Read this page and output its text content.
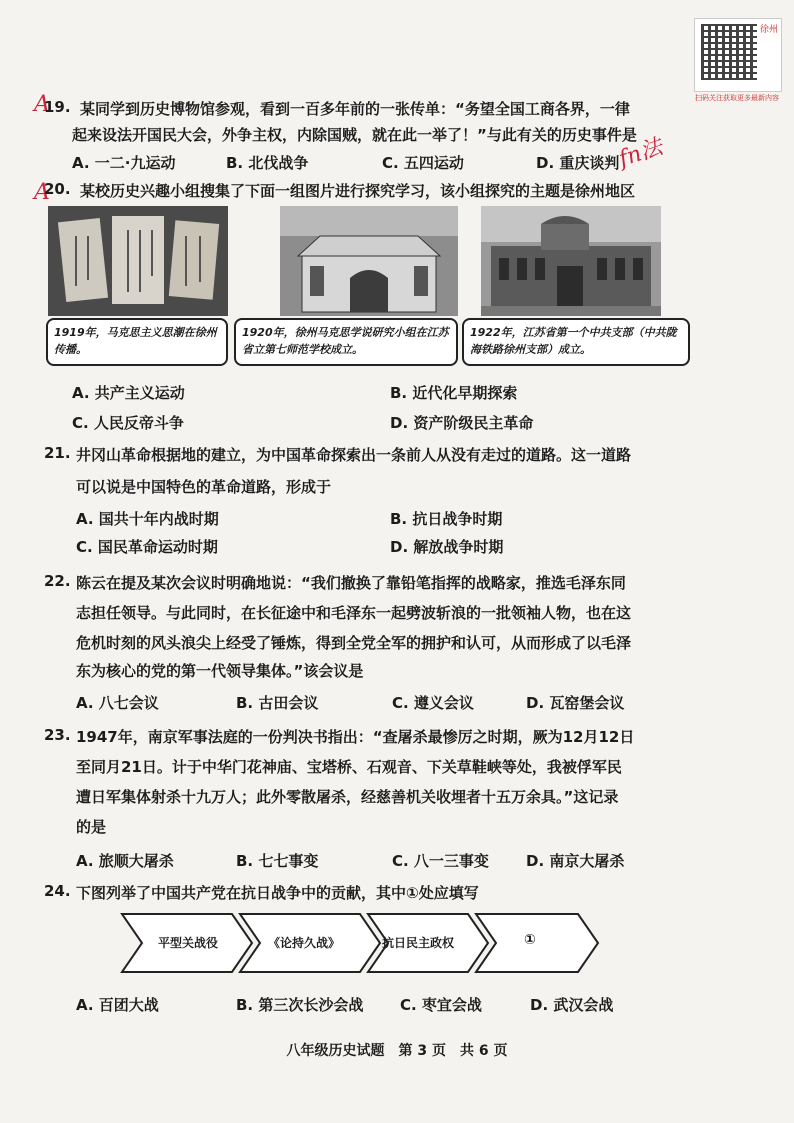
徐州
扫码关注获取更多最新内容
A
A
fn法
19. 某同学到历史博物馆参观，看到一百多年前的一张传单：“务望全国工商各界，一律
起来设法开国民大会，外争主权，内除国贼，就在此一举了！”与此有关的历史事件是
A. 一二·九运动	B. 北伐战争	C. 五四运动	D. 重庆谈判
20. 某校历史兴趣小组搜集了下面一组图片进行探究学习，该小组探究的主题是徐州地区
1919年，马克思主义思潮在徐州传播。
1920年，徐州马克思学说研究小组在江苏省立第七师范学校成立。
1922年，江苏省第一个中共支部（中共陇海铁路徐州支部）成立。
A. 共产主义运动	B. 近代化早期探索
C. 人民反帝斗争	D. 资产阶级民主革命
21. 井冈山革命根据地的建立，为中国革命探索出一条前人从没有走过的道路。这一道路
可以说是中国特色的革命道路，形成于
A. 国共十年内战时期	B. 抗日战争时期
C. 国民革命运动时期	D. 解放战争时期
22. 陈云在提及某次会议时明确地说：“我们撤换了靠铅笔指挥的战略家，推选毛泽东同
志担任领导。与此同时，在长征途中和毛泽东一起劈波斩浪的一批领袖人物，也在这
危机时刻的风头浪尖上经受了锤炼，得到全党全军的拥护和认可，从而形成了以毛泽
东为核心的党的第一代领导集体。”该会议是
A. 八七会议	B. 古田会议	C. 遵义会议	D. 瓦窑堡会议
23. 1947年，南京军事法庭的一份判决书指出：“查屠杀最惨厉之时期，厥为12月12日
至同月21日。计于中华门花神庙、宝塔桥、石观音、下关草鞋峡等处，我被俘军民
遭日军集体射杀十九万人；此外零散屠杀，经慈善机关收埋者十五万余具。”这记录
的是
A. 旅顺大屠杀	B. 七七事变	C. 八一三事变 D. 南京大屠杀
24. 下图列举了中国共产党在抗日战争中的贡献，其中①处应填写
平型关战役	《论持久战》	抗日民主政权	①
A. 百团大战	B. 第三次长沙会战 C. 枣宜会战	D. 武汉会战
八年级历史试题　第 3 页　共 6 页
